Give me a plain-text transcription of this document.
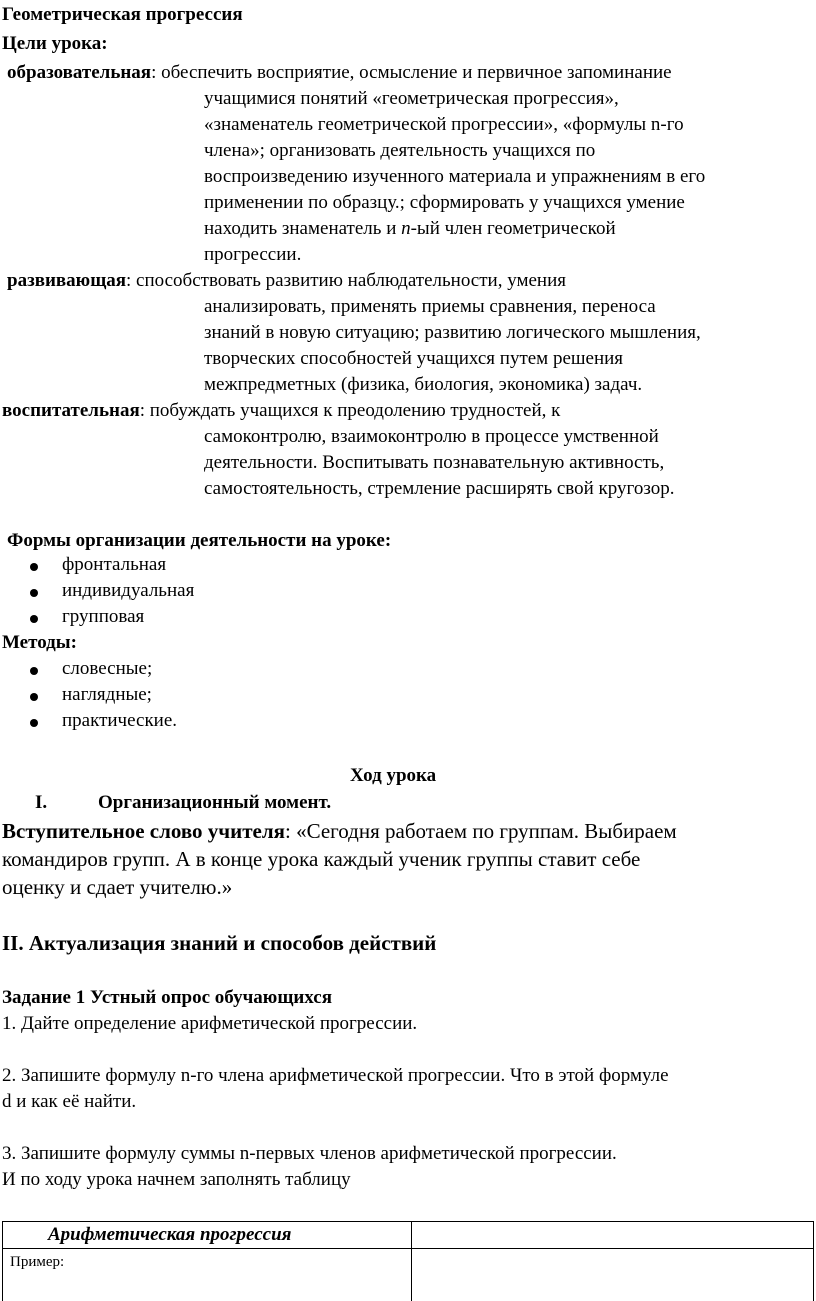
Геометрическая прогрессия
Цели урока:
образовательная: обеспечить восприятие, осмысление и первичное запоминание
учащимися понятий «геометрическая прогрессия»,
«знаменатель геометрической прогрессии», «формулы n-го
члена»; организовать деятельность учащихся по
воспроизведению изученного материала и упражнениям в его
применении по образцу.; сформировать у учащихся умение
находить знаменатель и n-ый член геометрической
прогрессии.
развивающая: способствовать развитию наблюдательности, умения
анализировать, применять приемы сравнения, переноса
знаний в новую ситуацию; развитию логического мышления,
творческих способностей учащихся путем решения
межпредметных (физика, биология, экономика) задач.
воспитательная: побуждать учащихся к преодолению трудностей, к
самоконтролю, взаимоконтролю в процессе умственной
деятельности. Воспитывать познавательную активность,
самостоятельность, стремление расширять свой кругозор.
Формы организации деятельности на уроке:
фронтальная
индивидуальная
групповая
Методы:
словесные;
наглядные;
практические.
Ход урока
I.	Организационный момент.
Вступительное слово учителя: «Сегодня работаем по группам. Выбираем
командиров групп. А в конце урока каждый ученик группы ставит себе
оценку и сдает учителю.»
II. Актуализация знаний и способов действий
Задание 1 Устный опрос обучающихся
1. Дайте определение арифметической прогрессии.
2. Запишите формулу n-го члена арифметической прогрессии. Что в этой формуле
d и как её найти.
3. Запишите формулу суммы n-первых членов арифметической прогрессии.
И по ходу урока начнем заполнять таблицу
Арифметическая прогрессия
Пример:
